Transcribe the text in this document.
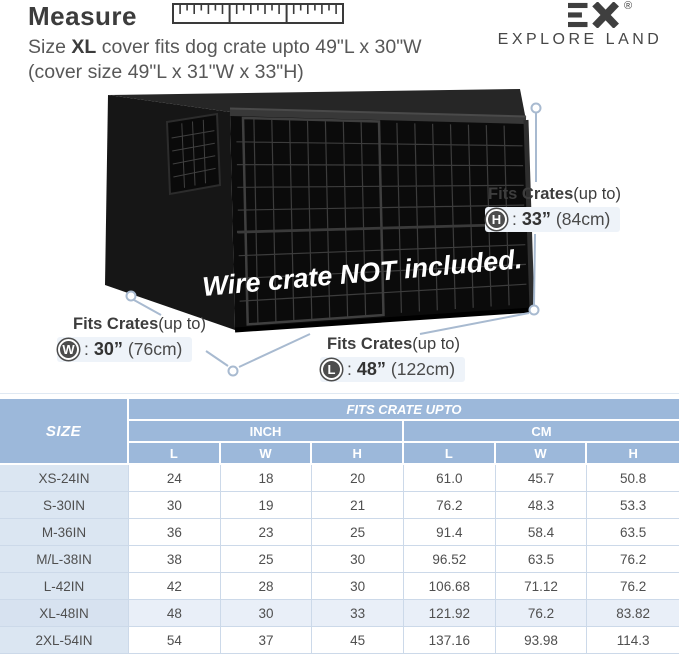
Measure	®
EXPLORE LAND
Size XL cover fits dog crate upto 49"L x 30"W
(cover size 49"L x 31"W x 33"H)
Wire crate NOT included.
Fits Crates(up to)
H : 33” (84cm)
Fits Crates(up to)
W : 30” (76cm)	Fits Crates(up to)
L : 48” (122cm)
SIZE
FITS CRATE UPTO
INCH	CM
L	W	H	L	W	H
XS-24IN	24	18	20	61.0	45.7	50.8
S-30IN	30	19	21	76.2	48.3	53.3
M-36IN	36	23	25	91.4	58.4	63.5
M/L-38IN	38	25	30	96.52	63.5	76.2
L-42IN	42	28	30	106.68	71.12	76.2
XL-48IN	48	30	33	121.92	76.2	83.82
2XL-54IN	54	37	45	137.16	93.98	114.3
